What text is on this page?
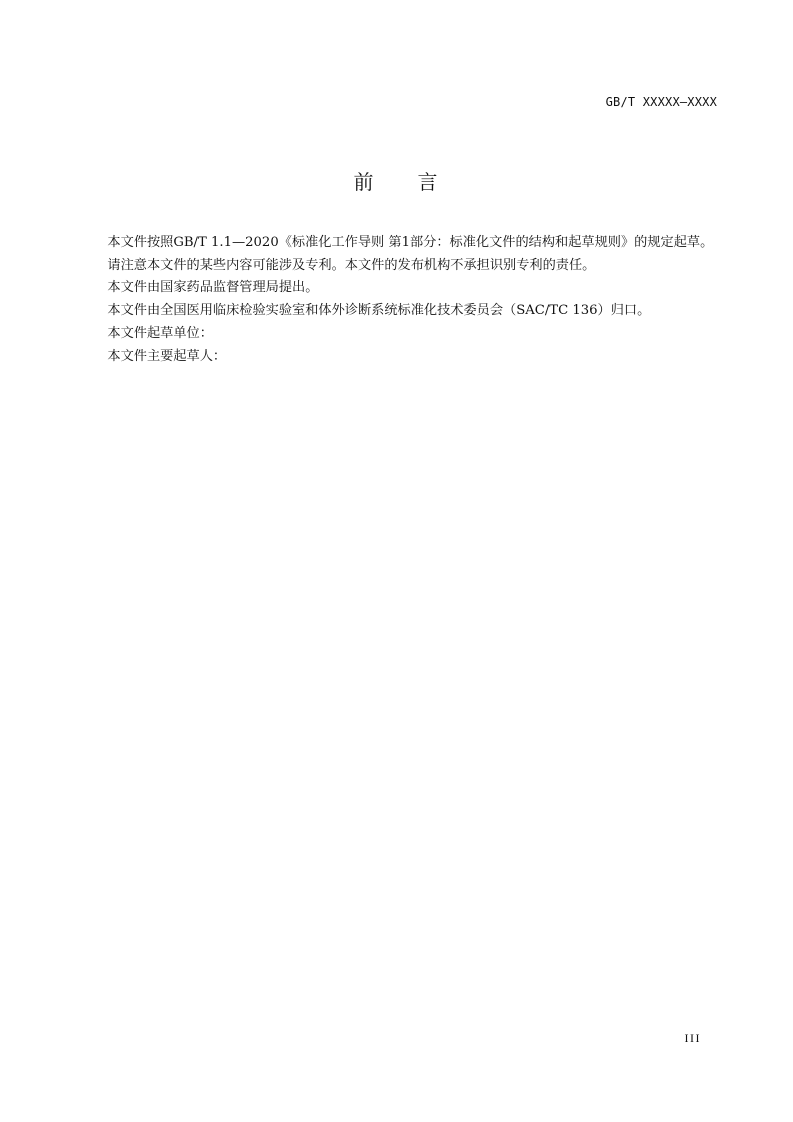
GB/T XXXXX—XXXX
前 言

本文件按照GB/T 1.1—2020《标准化工作导则 第1部分：标准化文件的结构和起草规则》的规定起草。

请注意本文件的某些内容可能涉及专利。本文件的发布机构不承担识别专利的责任。

本文件由国家药品监督管理局提出。

本文件由全国医用临床检验实验室和体外诊断系统标准化技术委员会（SAC/TC 136）归口。

本文件起草单位：

本文件主要起草人：

III
